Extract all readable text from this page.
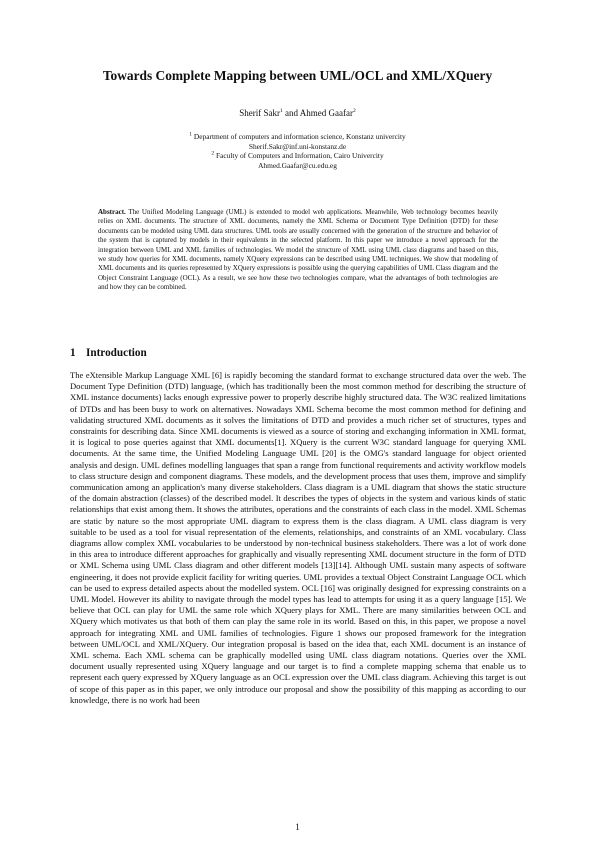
Towards Complete Mapping between UML/OCL and XML/XQuery
Sherif Sakr$^1$ and Ahmed Gaafar$^2$
$^1$ Department of computers and information science, Konstanz univercity
Sherif.Sakr@inf.uni-konstanz.de
$^2$ Faculty of Computers and Information, Cairo Univercity
Ahmed.Gaafar@cu.edu.eg
Abstract. The Unified Modeling Language (UML) is extended to model web applications. Meanwhile, Web technology becomes heavily relies on XML documents. The structure of XML documents, namely the XML Schema or Document Type Definition (DTD) for these documents can be modeled using UML data structures. UML tools are usually concerned with the generation of the structure and behavior of the system that is captured by models in their equivalents in the selected platform. In this paper we introduce a novel approach for the integration between UML and XML families of technologies. We model the structure of XML using UML class diagrams and based on this, we study how queries for XML documents, namely XQuery expressions can be described using UML techniques. We show that modeling of XML documents and its queries represented by XQuery expressions is possible using the querying capabilities of UML Class diagram and the Object Constraint Language (OCL). As a result, we see how these two technologies compare, what the advantages of both technologies are and how they can be combined.
1 Introduction
The eXtensible Markup Language XML [6] is rapidly becoming the standard format to exchange structured data over the web. The Document Type Definition (DTD) language, (which has traditionally been the most common method for describing the structure of XML instance documents) lacks enough expressive power to properly describe highly structured data. The W3C realized limitations of DTDs and has been busy to work on alternatives. Nowadays XML Schema become the most common method for defining and validating structured XML documents as it solves the limitations of DTD and provides a much richer set of structures, types and constraints for describing data. Since XML documents is viewed as a source of storing and exchanging information in XML format, it is logical to pose queries against that XML documents[1]. XQuery is the current W3C standard language for querying XML documents. At the same time, the Unified Modeling Language UML [20] is the OMG's standard language for object oriented analysis and design. UML defines modelling languages that span a range from functional requirements and activity workflow models to class structure design and component diagrams. These models, and the development process that uses them, improve and simplify communication among an application's many diverse stakeholders. Class diagram is a UML diagram that shows the static structure of the domain abstraction (classes) of the described model. It describes the types of objects in the system and various kinds of static relationships that exist among them. It shows the attributes, operations and the constraints of each class in the model. XML Schemas are static by nature so the most appropriate UML diagram to express them is the class diagram. A UML class diagram is very suitable to be used as a tool for visual representation of the elements, relationships, and constraints of an XML vocabulary. Class diagrams allow complex XML vocabularies to be understood by non-technical business stakeholders. There was a lot of work done in this area to introduce different approaches for graphically and visually representing XML document structure in the form of DTD or XML Schema using UML Class diagram and other different models [13][14]. Although UML sustain many aspects of software engineering, it does not provide explicit facility for writing queries. UML provides a textual Object Constraint Language OCL which can be used to express detailed aspects about the modelled system. OCL [16] was originally designed for expressing constraints on a UML Model. However its ability to navigate through the model types has lead to attempts for using it as a query language [15]. We believe that OCL can play for UML the same role which XQuery plays for XML. There are many similarities between OCL and XQuery which motivates us that both of them can play the same role in its world. Based on this, in this paper, we propose a novel approach for integrating XML and UML families of technologies. Figure 1 shows our proposed framework for the integration between UML/OCL and XML/XQuery. Our integration proposal is based on the idea that, each XML document is an instance of XML schema. Each XML schema can be graphically modelled using UML class diagram notations. Queries over the XML document usually represented using XQuery language and our target is to find a complete mapping schema that enable us to represent each query expressed by XQuery language as an OCL expression over the UML class diagram. Achieving this target is out of scope of this paper as in this paper, we only introduce our proposal and show the possibility of this mapping as according to our knowledge, there is no work had been
1
